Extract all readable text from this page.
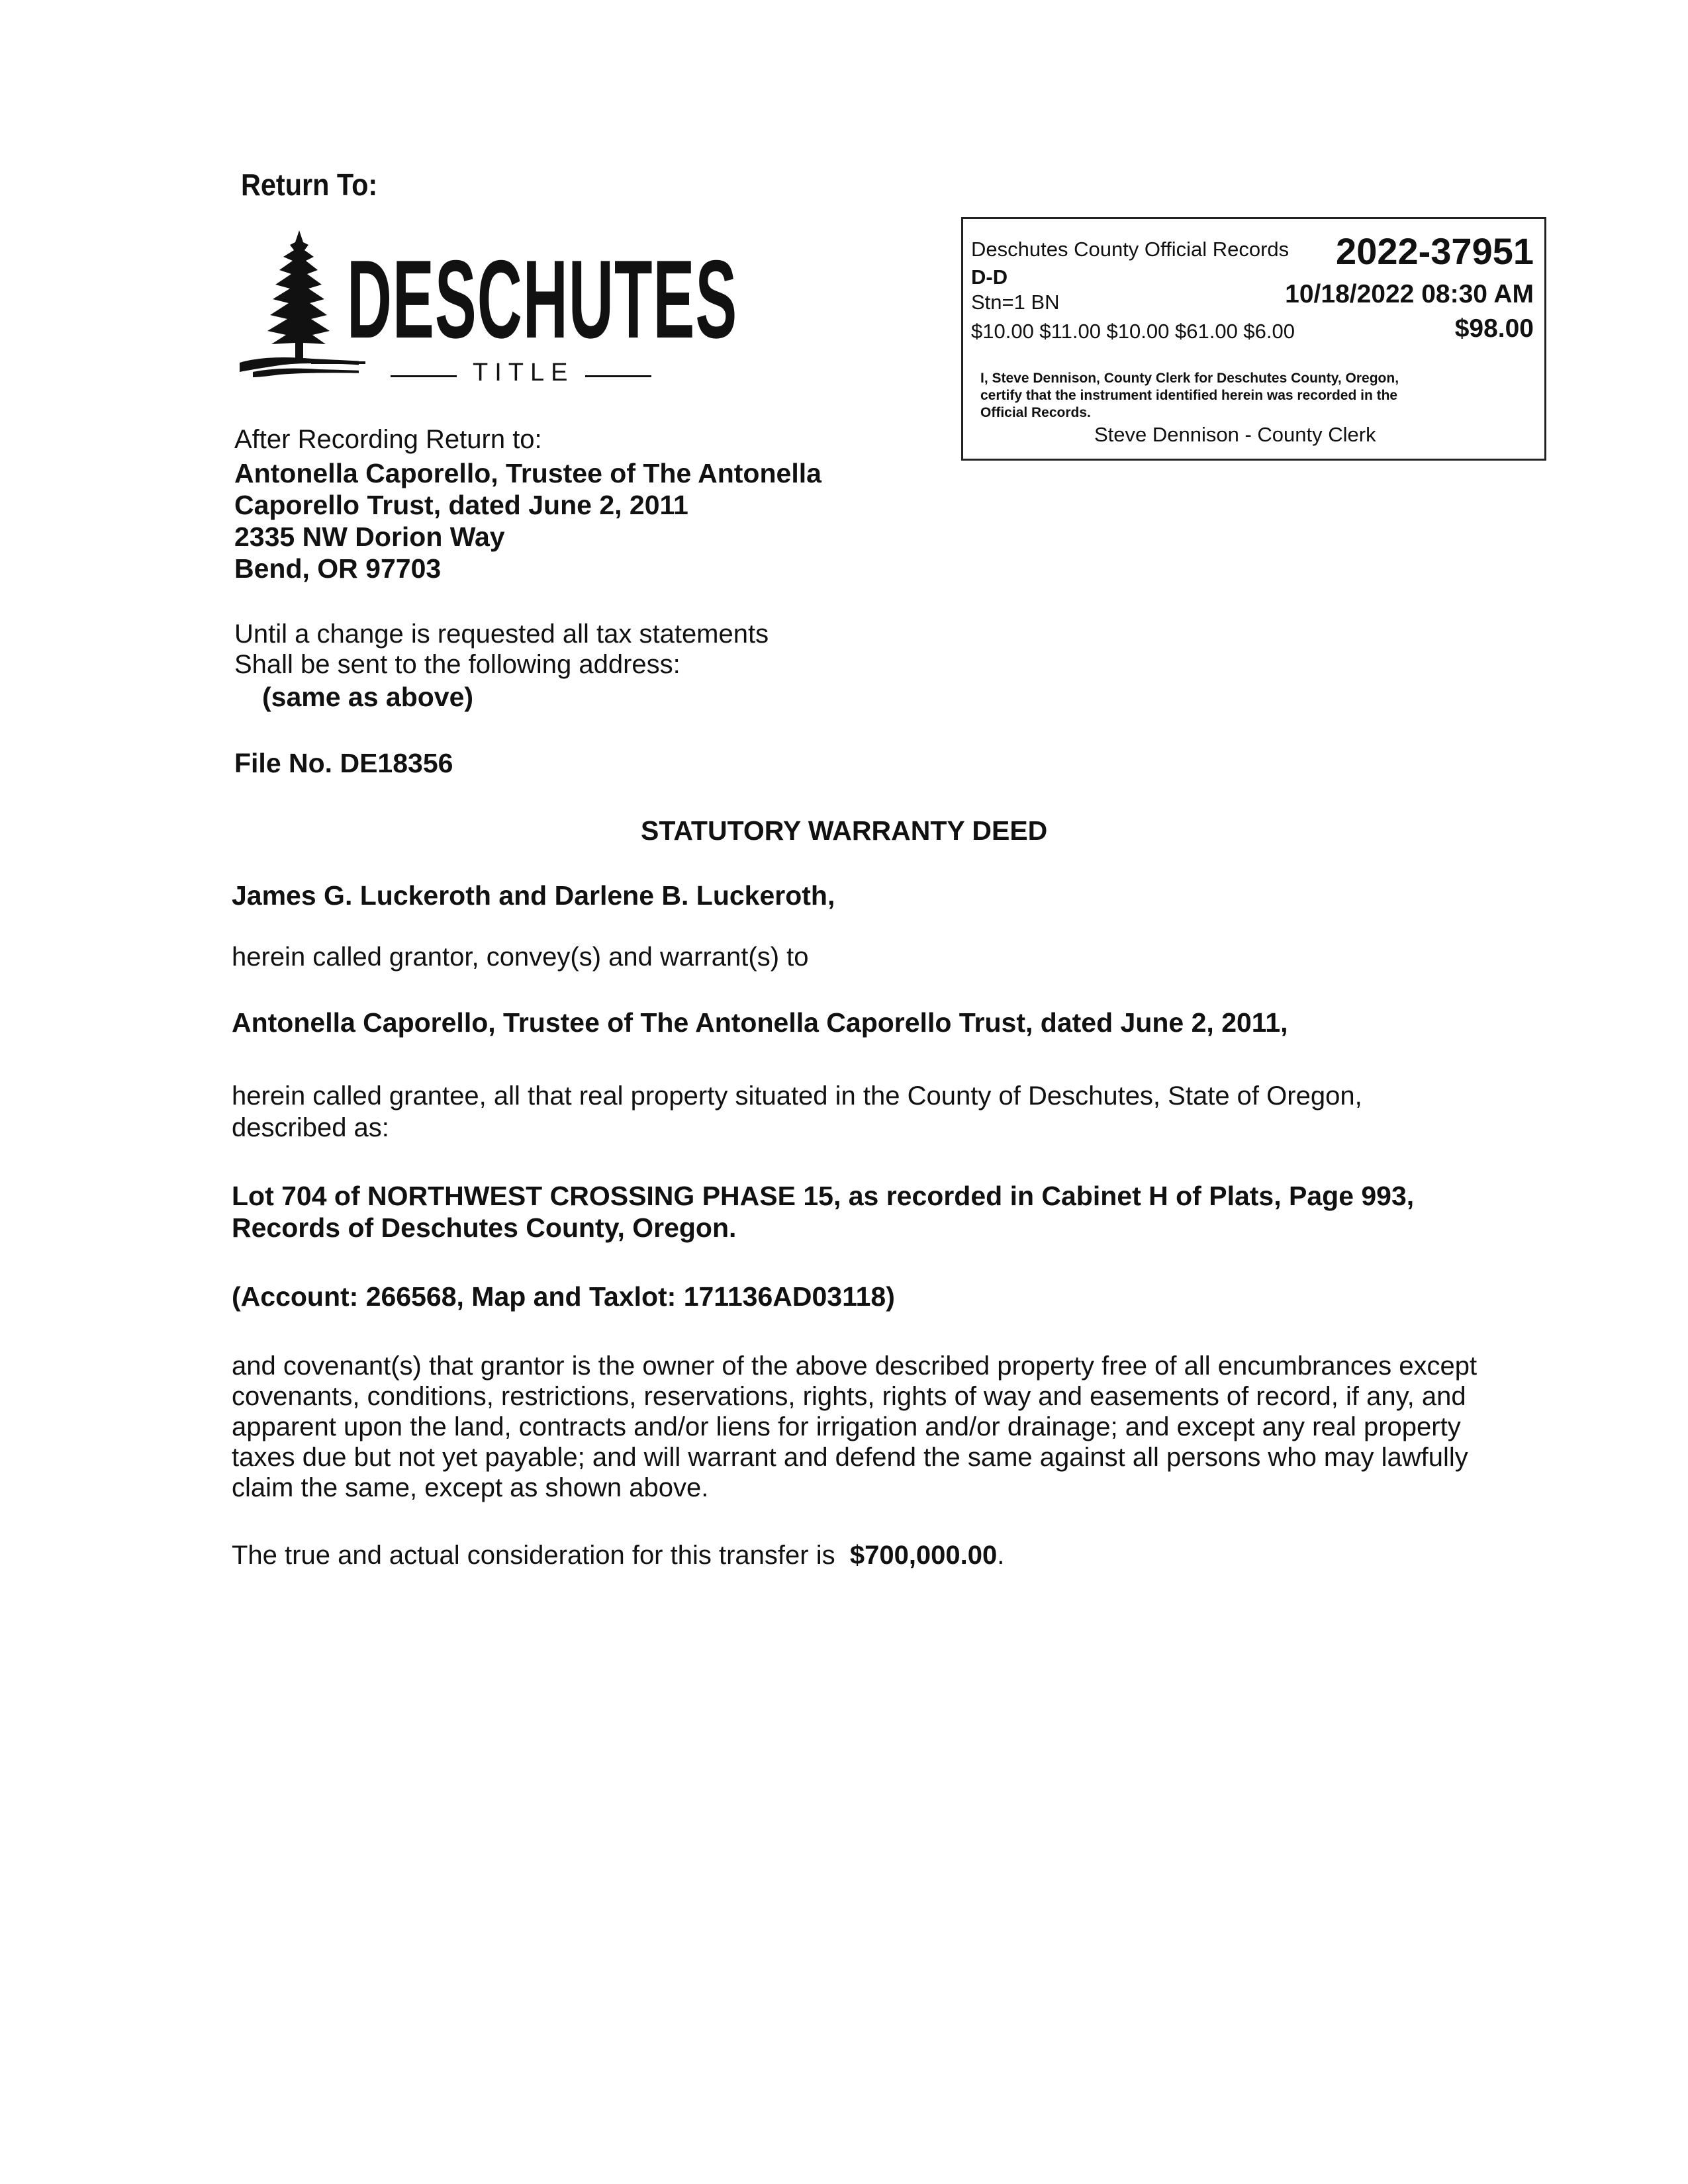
Return To:
DESCHUTES
TITLE
Deschutes County Official Records 2022-37951
D-D
Stn=1 BN	10/18/2022 08:30 AM
$10.00 $11.00 $10.00 $61.00 $6.00	$98.00
I, Steve Dennison, County Clerk for Deschutes County, Oregon,
certify that the instrument identified herein was recorded in the
Official Records.
Steve Dennison - County Clerk
After Recording Return to:
Antonella Caporello, Trustee of The Antonella
Caporello Trust, dated June 2, 2011
2335 NW Dorion Way
Bend, OR 97703
Until a change is requested all tax statements
Shall be sent to the following address:
(same as above)
File No. DE18356
STATUTORY WARRANTY DEED
James G. Luckeroth and Darlene B. Luckeroth,
herein called grantor, convey(s) and warrant(s) to
Antonella Caporello, Trustee of The Antonella Caporello Trust, dated June 2, 2011,
herein called grantee, all that real property situated in the County of Deschutes, State of Oregon,
described as:
Lot 704 of NORTHWEST CROSSING PHASE 15, as recorded in Cabinet H of Plats, Page 993,
Records of Deschutes County, Oregon.
(Account: 266568, Map and Taxlot: 171136AD03118)
and covenant(s) that grantor is the owner of the above described property free of all encumbrances except
covenants, conditions, restrictions, reservations, rights, rights of way and easements of record, if any, and
apparent upon the land, contracts and/or liens for irrigation and/or drainage; and except any real property
taxes due but not yet payable; and will warrant and defend the same against all persons who may lawfully
claim the same, except as shown above.
The true and actual consideration for this transfer is $700,000.00.
